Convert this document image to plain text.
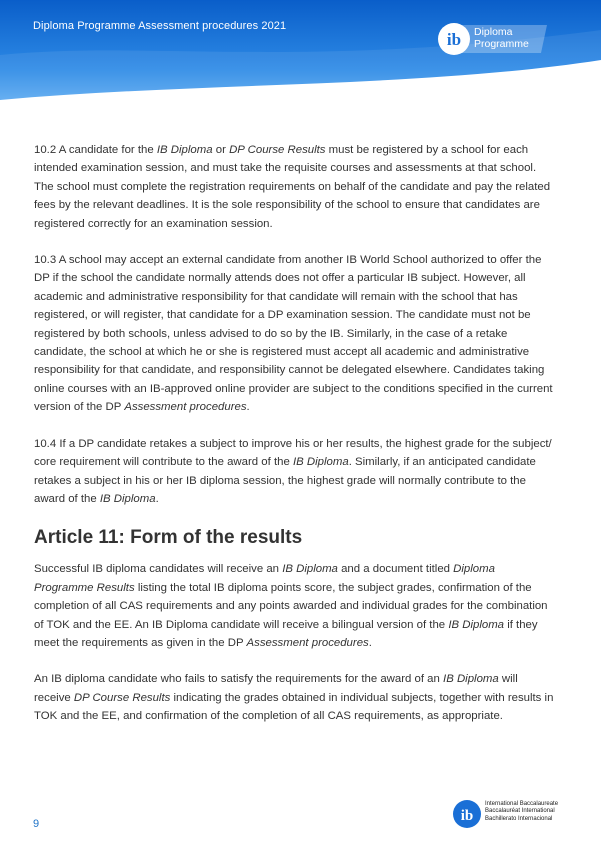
Diploma Programme Assessment procedures 2021
ib Diploma
Programme

10.2 A candidate for the IB Diploma or DP Course Results must be registered by a school for each intended examination session, and must take the requisite courses and assessments at that school. The school must complete the registration requirements on behalf of the candidate and pay the related fees by the relevant deadlines. It is the sole responsibility of the school to ensure that candidates are registered correctly for an examination session.

10.3 A school may accept an external candidate from another IB World School authorized to offer the DP if the school the candidate normally attends does not offer a particular IB subject. However, all academic and administrative responsibility for that candidate will remain with the school that has registered, or will register, that candidate for a DP examination session. The candidate must not be registered by both schools, unless advised to do so by the IB. Similarly, in the case of a retake candidate, the school at which he or she is registered must accept all academic and administrative responsibility for that candidate, and responsibility cannot be delegated elsewhere. Candidates taking online courses with an IB-approved online provider are subject to the conditions specified in the current version of the DP Assessment procedures.

10.4 If a DP candidate retakes a subject to improve his or her results, the highest grade for the subject/ core requirement will contribute to the award of the IB Diploma. Similarly, if an anticipated candidate retakes a subject in his or her IB diploma session, the highest grade will normally contribute to the award of the IB Diploma.

Article 11: Form of the results

Successful IB diploma candidates will receive an IB Diploma and a document titled Diploma Programme Results listing the total IB diploma points score, the subject grades, confirmation of the completion of all CAS requirements and any points awarded and individual grades for the combination of TOK and the EE. An IB Diploma candidate will receive a bilingual version of the IB Diploma if they meet the requirements as given in the DP Assessment procedures.

An IB diploma candidate who fails to satisfy the requirements for the award of an IB Diploma will receive DP Course Results indicating the grades obtained in individual subjects, together with results in TOK and the EE, and confirmation of the completion of all CAS requirements, as appropriate.

9	ib
International Baccalaureate
Baccalauréat International
Bachillerato Internacional
